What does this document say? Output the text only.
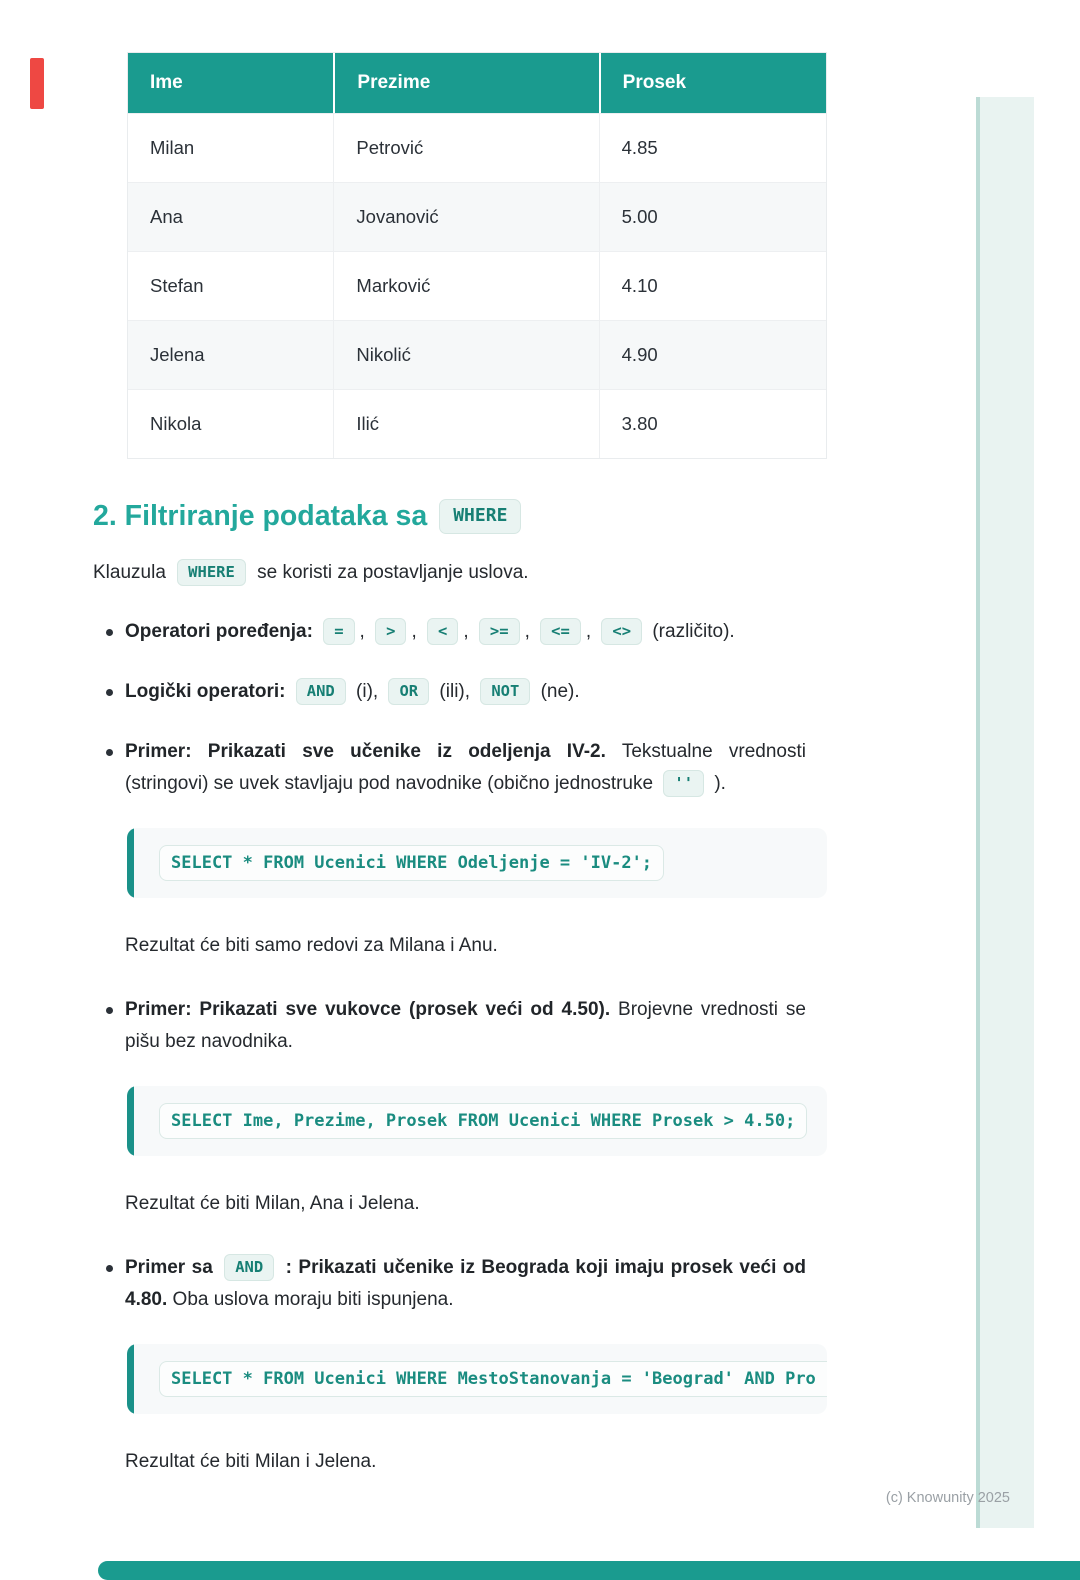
Ime	Prezime	Prosek
Milan	Petrović	4.85
Ana	Jovanović	5.00
Stefan	Marković	4.10
Jelena	Nikolić	4.90
Nikola	Ilić	3.80
2. Filtriranje podataka sa	WHERE

Klauzula WHERE se koristi za postavljanje uslova.

Operatori poređenja: = , > , < , >= , <= , <> (različito).
Logički operatori: AND (i), OR (ili), NOT (ne).
Primer: Prikazati sve učenike iz odeljenja IV-2. Tekstualne vrednosti (stringovi) se uvek stavljaju pod navodnike (obično jednostruke '' ).
SELECT * FROM Ucenici WHERE Odeljenje = 'IV-2';

Rezultat će biti samo redovi za Milana i Anu.

Primer: Prikazati sve vukovce (prosek veći od 4.50). Brojevne vrednosti se pišu bez navodnika.
SELECT Ime, Prezime, Prosek FROM Ucenici WHERE Prosek > 4.50;

Rezultat će biti Milan, Ana i Jelena.

Primer sa AND : Prikazati učenike iz Beograda koji imaju prosek veći od 4.80. Oba uslova moraju biti ispunjena.
SELECT * FROM Ucenici WHERE MestoStanovanja = 'Beograd' AND Pro

Rezultat će biti Milan i Jelena.

(c) Knowunity 2025
